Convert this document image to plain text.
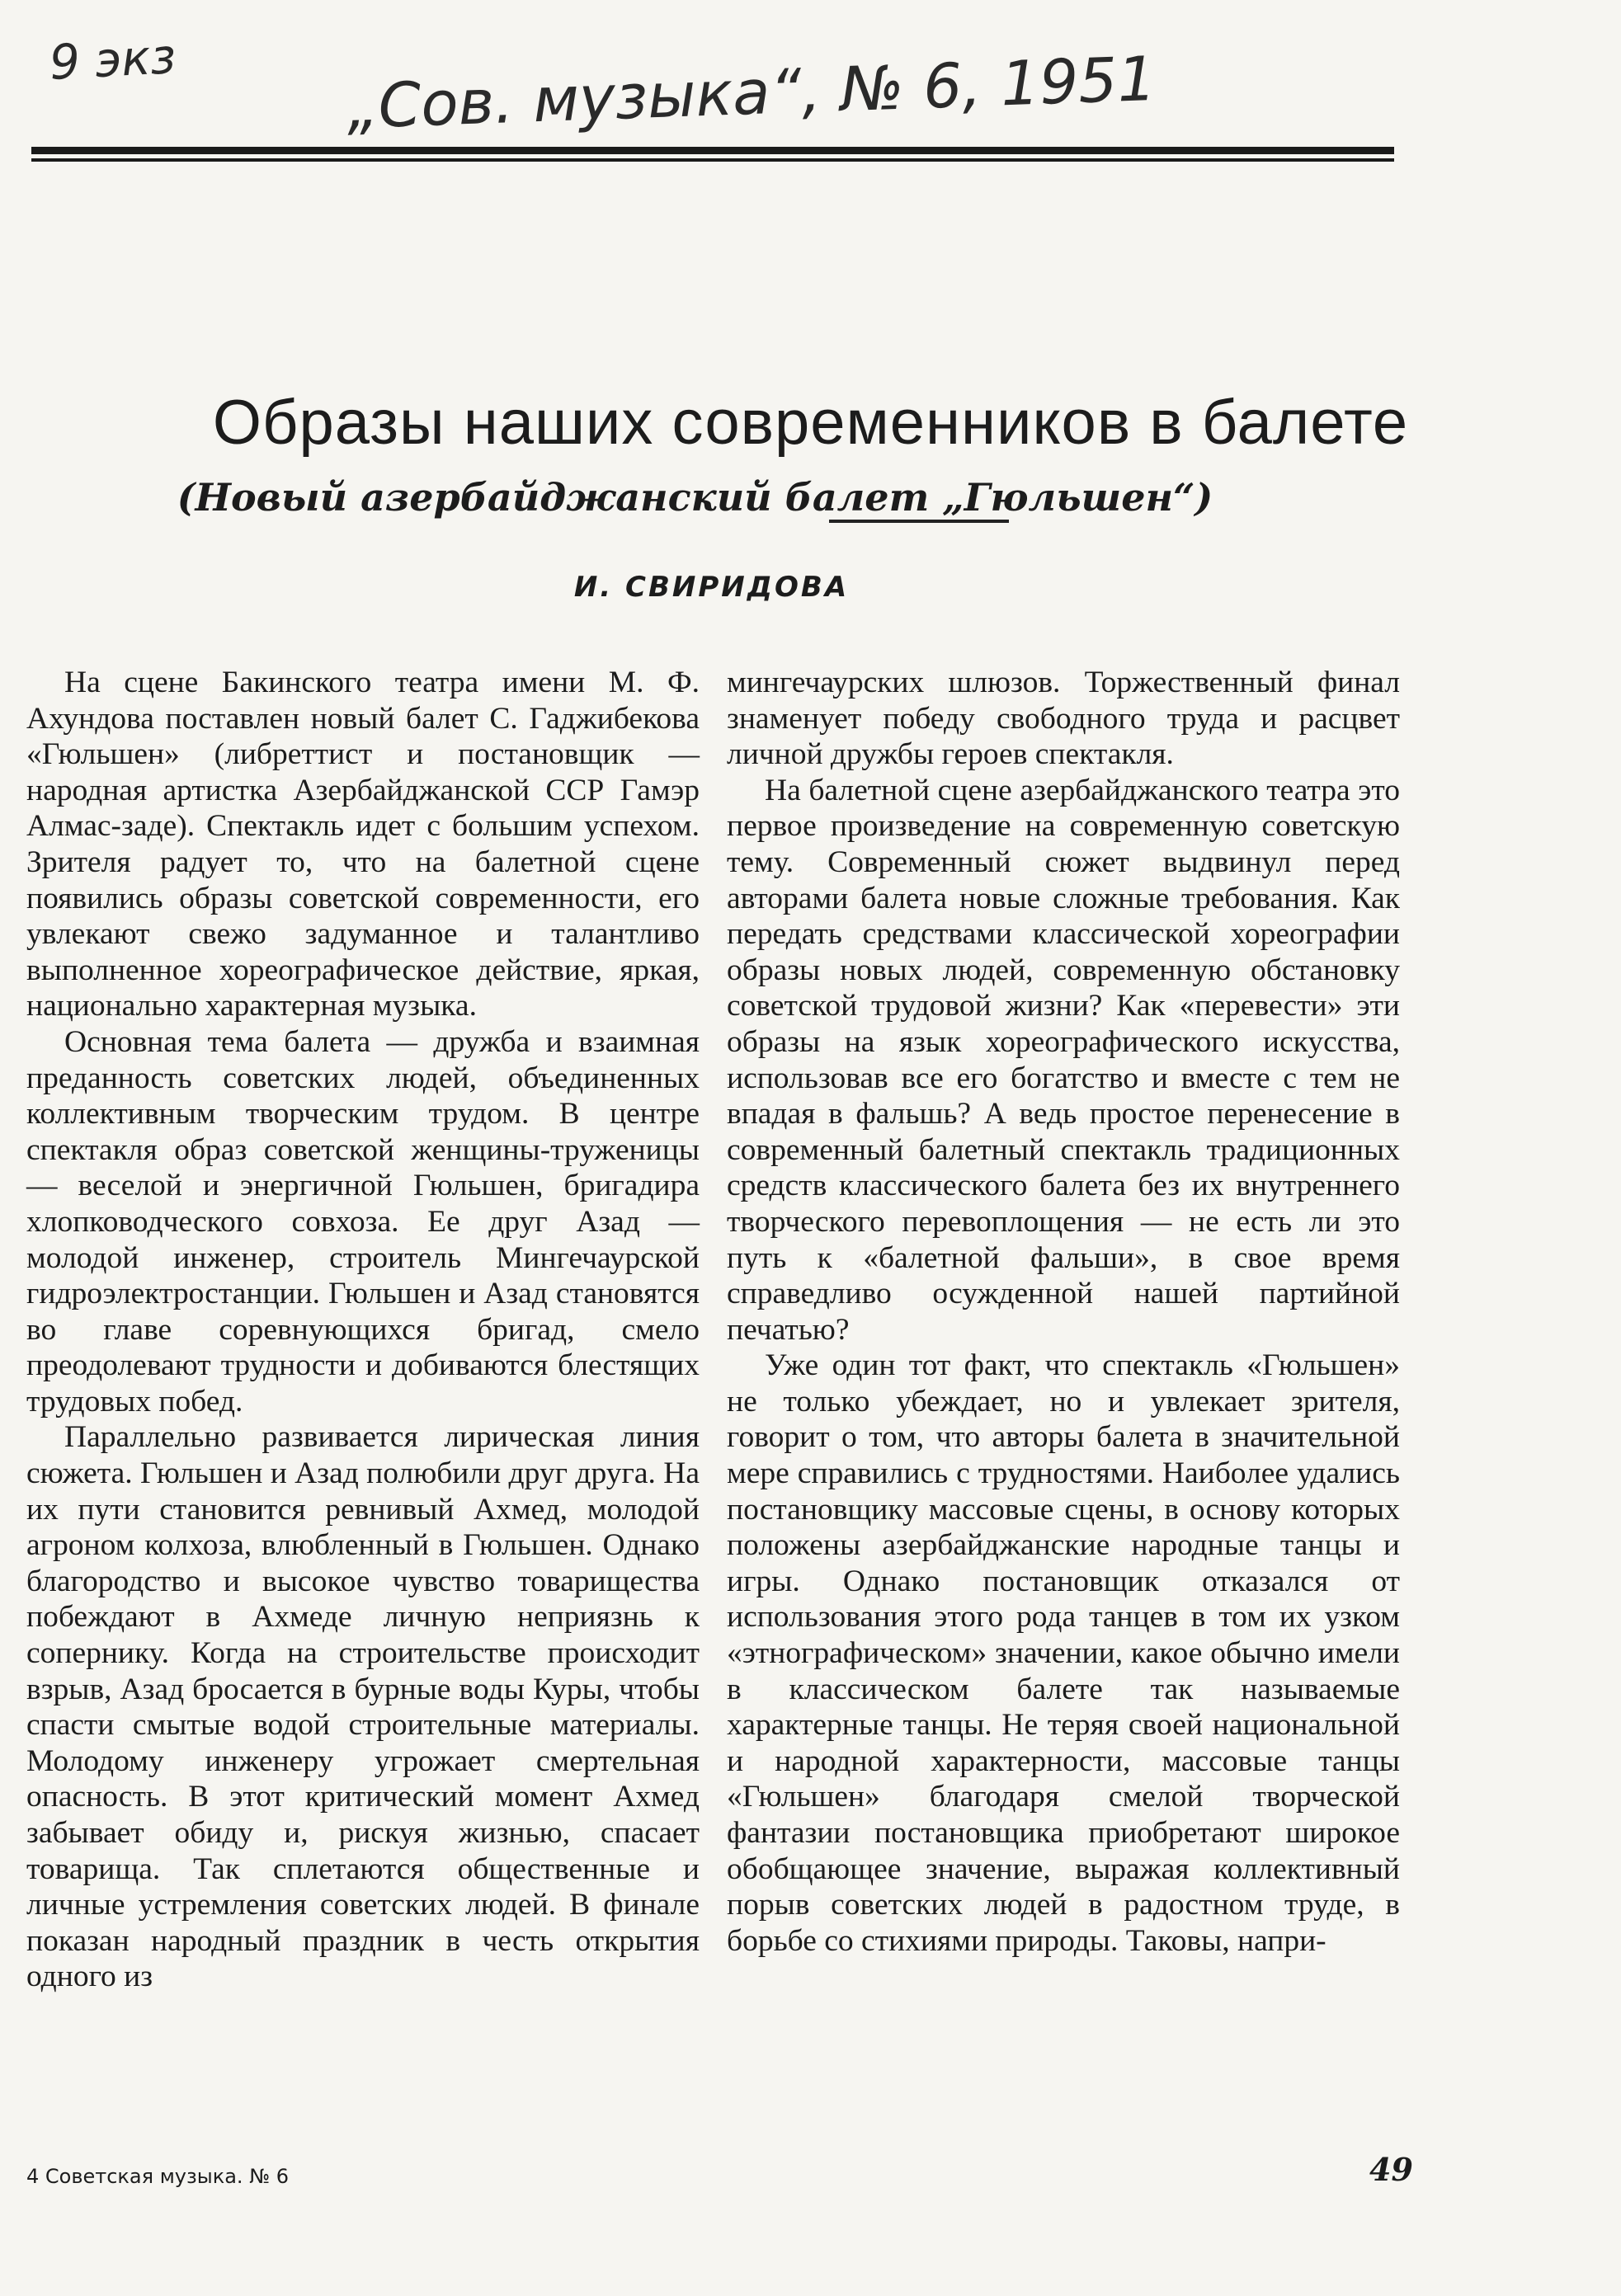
9 экз	„Сов. музыка“, № 6, 1951
Образы наших современников в балете
(Новый азербайджанский балет „Гюльшен“)
И. СВИРИДОВА

На сцене Бакинского театра имени М. Ф. Ахундова поставлен новый балет С. Гаджибекова «Гюльшен» (либреттист и постановщик — народная артистка Азербайджанской ССР Гамэр Алмас-заде). Спектакль идет с большим успехом. Зрителя радует то, что на балетной сцене появились образы советской современности, его увлекают свежо задуманное и талантливо выполненное хореографическое действие, яркая, национально характерная музыка.

Основная тема балета — дружба и взаимная преданность советских людей, объединенных коллективным творческим трудом. В центре спектакля образ советской женщины-труженицы — веселой и энергичной Гюльшен, бригадира хлопководческого совхоза. Ее друг Азад — молодой инженер, строитель Мингечаурской гидроэлектростанции. Гюльшен и Азад становятся во главе соревнующихся бригад, смело преодолевают трудности и добиваются блестящих трудовых побед.

Параллельно развивается лирическая линия сюжета. Гюльшен и Азад полюбили друг друга. На их пути становится ревнивый Ахмед, молодой агроном колхоза, влюбленный в Гюльшен. Однако благородство и высокое чувство товарищества побеждают в Ахмеде личную неприязнь к сопернику. Когда на строительстве происходит взрыв, Азад бросается в бурные воды Куры, чтобы спасти смытые водой строительные материалы. Молодому инженеру угрожает смертельная опасность. В этот критический момент Ахмед забывает обиду и, рискуя жизнью, спасает товарища. Так сплетаются общественные и личные устремления советских людей. В финале показан народный праздник в честь открытия одного из

мингечаурских шлюзов. Торжественный финал знаменует победу свободного труда и расцвет личной дружбы героев спектакля.

На балетной сцене азербайджанского театра это первое произведение на современную советскую тему. Современный сюжет выдвинул перед авторами балета новые сложные требования. Как передать средствами классической хореографии образы новых людей, современную обстановку советской трудовой жизни? Как «перевести» эти образы на язык хореографического искусства, использовав все его богатство и вместе с тем не впадая в фальшь? А ведь простое перенесение в современный балетный спектакль традиционных средств классического балета без их внутреннего творческого перевоплощения — не есть ли это путь к «балетной фальши», в свое время справедливо осужденной нашей партийной печатью?

Уже один тот факт, что спектакль «Гюльшен» не только убеждает, но и увлекает зрителя, говорит о том, что авторы балета в значительной мере справились с трудностями. Наиболее удались постановщику массовые сцены, в основу которых положены азербайджанские народные танцы и игры. Однако постановщик отказался от использования этого рода танцев в том их узком «этнографическом» значении, какое обычно имели в классическом балете так называемые характерные танцы. Не теряя своей национальной и народной характерности, массовые танцы «Гюльшен» благодаря смелой творческой фантазии постановщика приобретают широкое обобщающее значение, выражая коллективный порыв советских людей в радостном труде, в борьбе со стихиями природы. Таковы, напри-

4 Советская музыка. № 6	49
